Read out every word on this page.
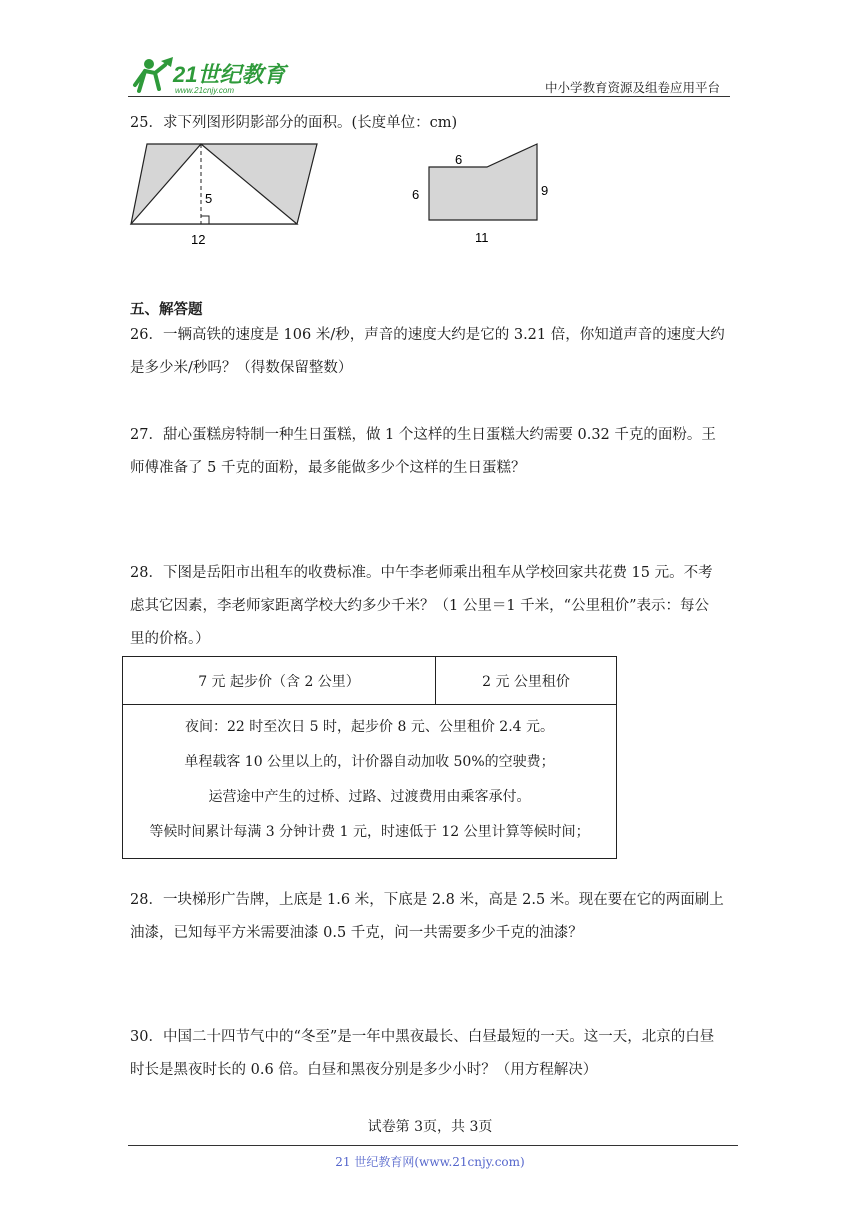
21世纪教育
www.21cnjy.com	中小学教育资源及组卷应用平台
25．求下列图形阴影部分的面积。(长度单位：cm)
5
12
6
6	9
11
五、解答题
26．一辆高铁的速度是 106 米/秒，声音的速度大约是它的 3.21 倍，你知道声音的速度大约
是多少米/秒吗？（得数保留整数）
27．甜心蛋糕房特制一种生日蛋糕，做 1 个这样的生日蛋糕大约需要 0.32 千克的面粉。王
师傅准备了 5 千克的面粉，最多能做多少个这样的生日蛋糕？
28．下图是岳阳市出租车的收费标准。中午李老师乘出租车从学校回家共花费 15 元。不考
虑其它因素，李老师家距离学校大约多少千米？（1 公里＝1 千米，“公里租价”表示：每公
里的价格。）
7 元 起步价（含 2 公里）	2 元 公里租价

夜间：22 时至次日 5 时，起步价 8 元、公里租价 2.4 元。
单程载客 10 公里以上的，计价器自动加收 50%的空驶费；
运营途中产生的过桥、过路、过渡费用由乘客承付。
等候时间累计每满 3 分钟计费 1 元，时速低于 12 公里计算等候时间；
28．一块梯形广告牌，上底是 1.6 米，下底是 2.8 米，高是 2.5 米。现在要在它的两面刷上
油漆，已知每平方米需要油漆 0.5 千克，问一共需要多少千克的油漆？
30．中国二十四节气中的“冬至”是一年中黑夜最长、白昼最短的一天。这一天，北京的白昼
时长是黑夜时长的 0.6 倍。白昼和黑夜分别是多少小时？（用方程解决）
试卷第 3页，共 3页
21 世纪教育网(www.21cnjy.com)
